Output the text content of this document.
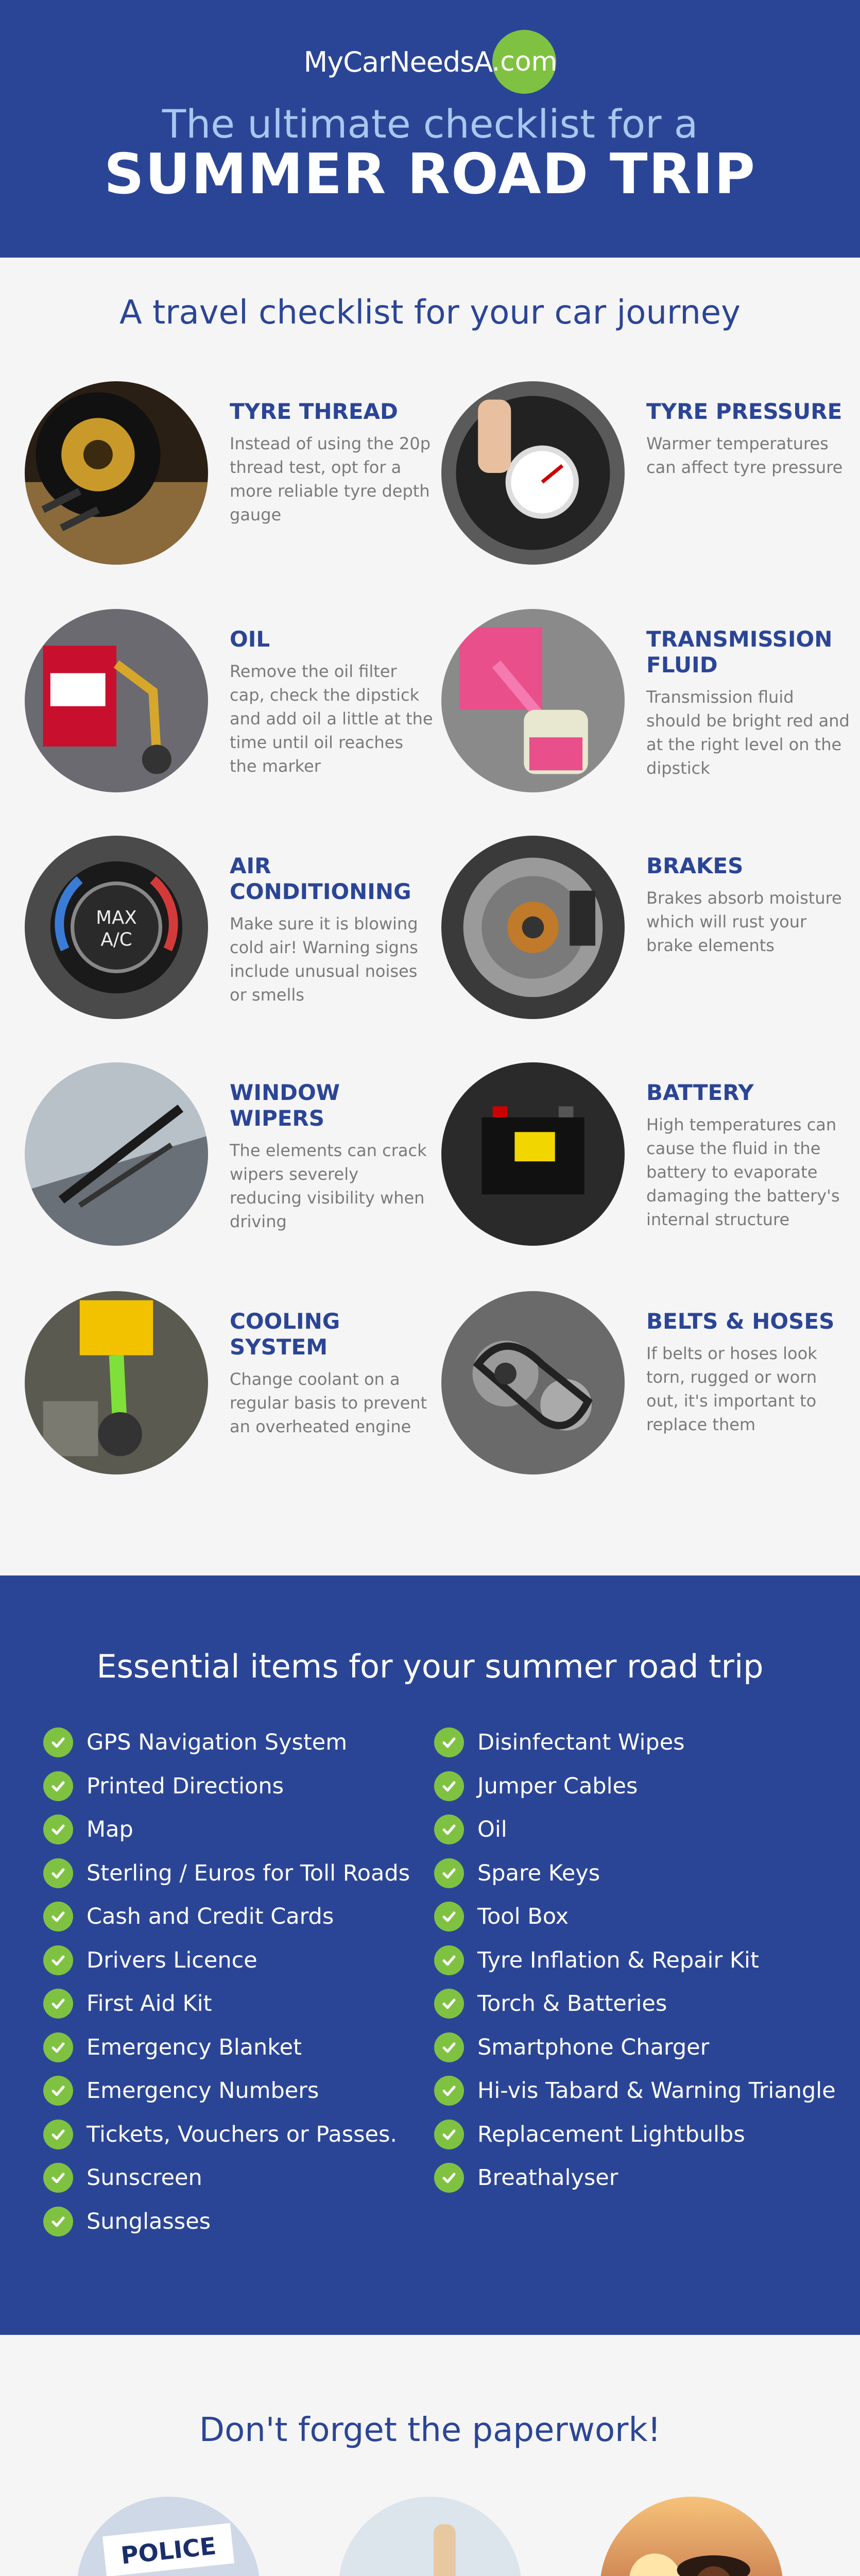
MyCarNeedsA
.com
The ultimate checklist for a
SUMMER ROAD TRIP
A travel checklist for your car journey
TYRE THREAD
Instead of using the 20p thread test, opt for a more reliable tyre depth gauge
TYRE PRESSURE
Warmer temperatures can affect tyre pressure
OIL
Remove the oil filter cap, check the dipstick and add oil a little at the time until oil reaches the marker
TRANSMISSION FLUID
Transmission fluid should be bright red and at the right level on the dipstick
MAX
A/C
AIR CONDITIONING
Make sure it is blowing cold air! Warning signs include unusual noises or smells
BRAKES
Brakes absorb moisture which will rust your brake elements
WINDOW WIPERS
The elements can crack wipers severely reducing visibility when driving
BATTERY
High temperatures can cause the fluid in the battery to evaporate damaging the battery's internal structure
COOLING SYSTEM
Change coolant on a regular basis to prevent an overheated engine
BELTS & HOSES
If belts or hoses look torn, rugged or worn out, it's important to replace them
Essential items for your summer road trip
GPS Navigation System
Printed Directions
Map
Sterling / Euros for Toll Roads
Cash and Credit Cards
Drivers Licence
First Aid Kit
Emergency Blanket
Emergency Numbers
Tickets, Vouchers or Passes.
Sunscreen
Sunglasses
Disinfectant Wipes
Jumper Cables
Oil
Spare Keys
Tool Box
Tyre Inflation & Repair Kit
Torch & Batteries
Smartphone Charger
Hi-vis Tabard & Warning Triangle
Replacement Lightbulbs
Breathalyser
Don't forget the paperwork!
POLICE
